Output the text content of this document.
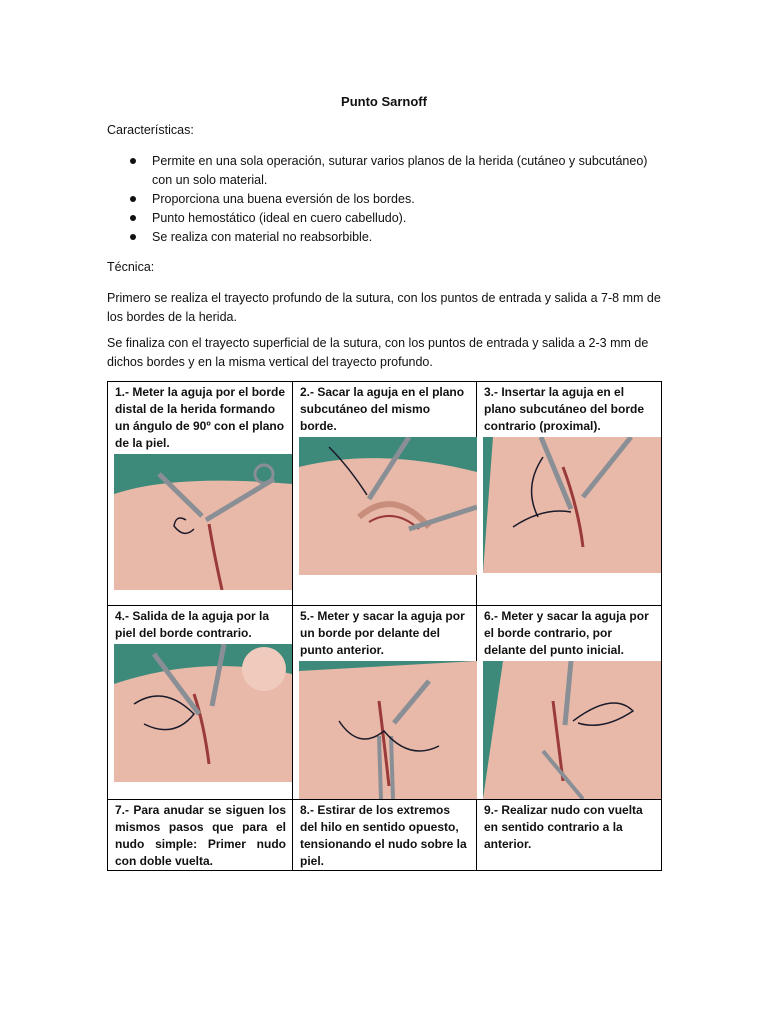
Punto Sarnoff
Características:
Permite en una sola operación, suturar varios planos de la herida (cutáneo y subcutáneo) con un solo material.
Proporciona una buena eversión de los bordes.
Punto hemostático (ideal en cuero cabelludo).
Se realiza con material no reabsorbible.
Técnica:
Primero se realiza el trayecto profundo de la sutura, con los puntos de entrada y salida a 7-8 mm de los bordes de la herida.
Se finaliza con el trayecto superficial de la sutura, con los puntos de entrada y salida a 2-3 mm de dichos bordes y en la misma vertical del trayecto profundo.
1.- Meter la aguja por el borde distal de la herida formando un ángulo de 90º con el plano de la piel.	2.- Sacar la aguja en el plano subcutáneo del mismo borde.	3.- Insertar la aguja en el plano subcutáneo del borde contrario (proximal).

4.- Salida de la aguja por la piel del borde contrario.	5.- Meter y sacar la aguja por un borde por delante del punto anterior.	6.- Meter y sacar la aguja por el borde contrario, por delante del punto inicial.

7.- Para anudar se siguen los mismos pasos que para el nudo simple: Primer nudo con doble vuelta.	8.- Estirar de los extremos del hilo en sentido opuesto, tensionando el nudo sobre la piel.	9.- Realizar nudo con vuelta en sentido contrario a la anterior.
